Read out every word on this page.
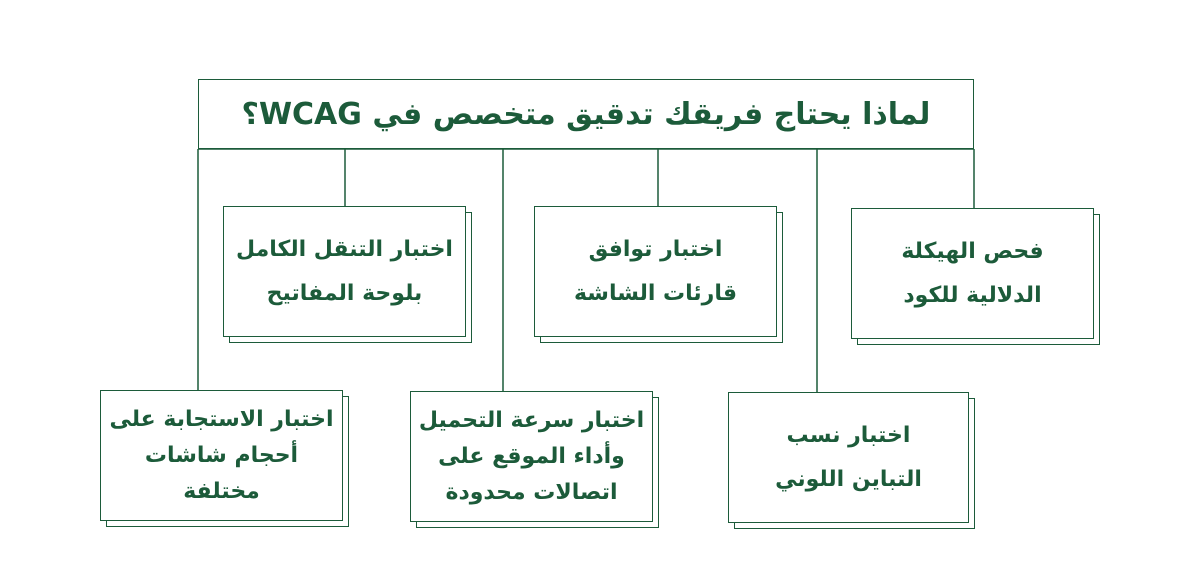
لماذا يحتاج فريقك تدقيق متخصص في WCAG؟
فحص الهيكلة
الدلالية للكود
اختبار توافق
قارئات الشاشة
اختبار التنقل الكامل
بلوحة المفاتيح
اختبار نسب
التباين اللوني
اختبار سرعة التحميل
وأداء الموقع على
اتصالات محدودة
اختبار الاستجابة على
أحجام شاشات
مختلفة
